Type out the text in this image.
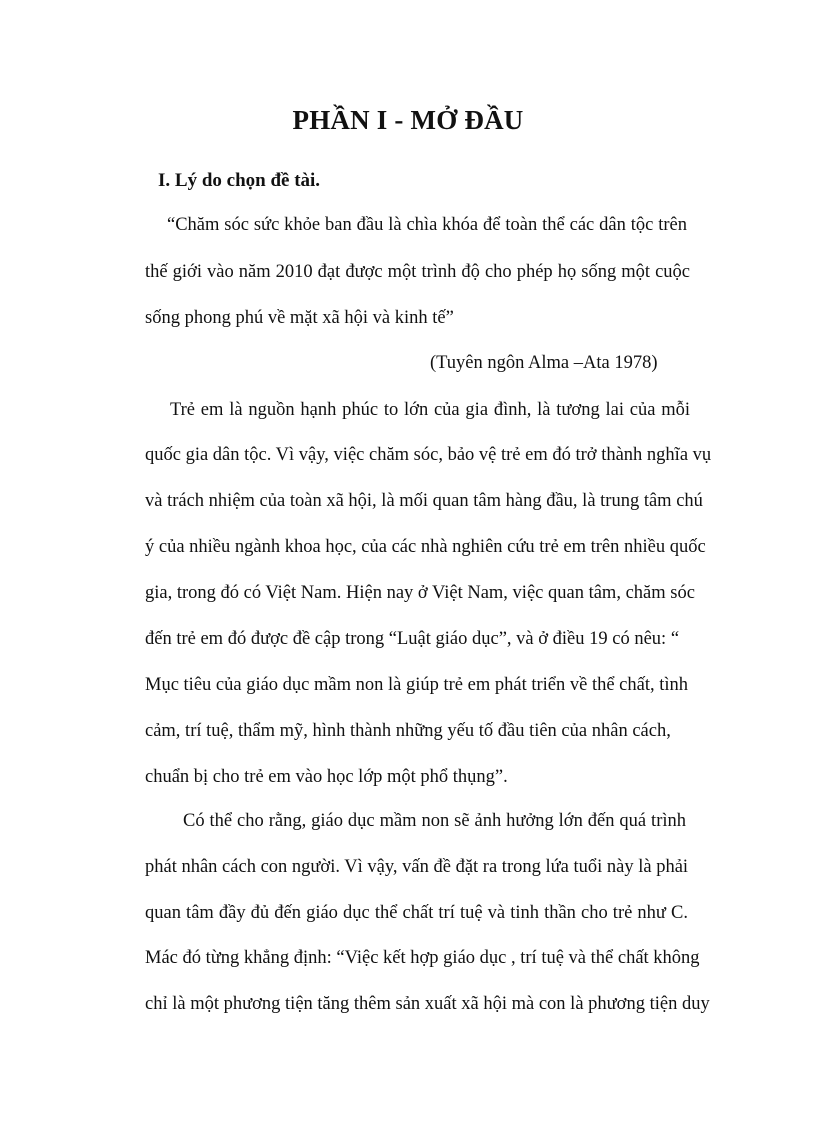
PHẦN I - MỞ ĐẦU
I. Lý do chọn đề tài.
“Chăm sóc sức khỏe ban đầu là chìa khóa để toàn thể các dân tộc trên
thế giới vào năm 2010 đạt được một trình độ cho phép họ sống một cuộc
sống phong phú về mặt xã hội và kinh tế”
(Tuyên ngôn Alma –Ata 1978)
Trẻ em là nguồn hạnh phúc to lớn của gia đình, là tương lai của mỗi
quốc gia dân tộc. Vì vậy, việc chăm sóc, bảo vệ trẻ em đó trở thành nghĩa vụ
và trách nhiệm của toàn xã hội, là mối quan tâm hàng đầu, là trung tâm chú
ý của nhiều ngành khoa học, của các nhà nghiên cứu trẻ em trên nhiều quốc
gia, trong đó có Việt Nam. Hiện nay ở Việt Nam, việc quan tâm, chăm sóc
đến trẻ em đó được đề cập trong “Luật giáo dục”, và ở điều 19 có nêu: “
Mục tiêu của giáo dục mầm non là giúp trẻ em phát triển về thể chất, tình
cảm, trí tuệ, thẩm mỹ, hình thành những yếu tố đầu tiên của nhân cách,
chuẩn bị cho trẻ em vào học lớp một phổ thụng”.
Có thể cho rằng, giáo dục mầm non sẽ ảnh hưởng lớn đến quá trình
phát nhân cách con người. Vì vậy, vấn đề đặt ra trong lứa tuổi này là phải
quan tâm đầy đủ đến giáo dục thể chất trí tuệ và tinh thần cho trẻ như C.
Mác đó từng khẳng định: “Việc kết hợp giáo dục , trí tuệ và thể chất không
chỉ là một phương tiện tăng thêm sản xuất xã hội mà con là phương tiện duy
